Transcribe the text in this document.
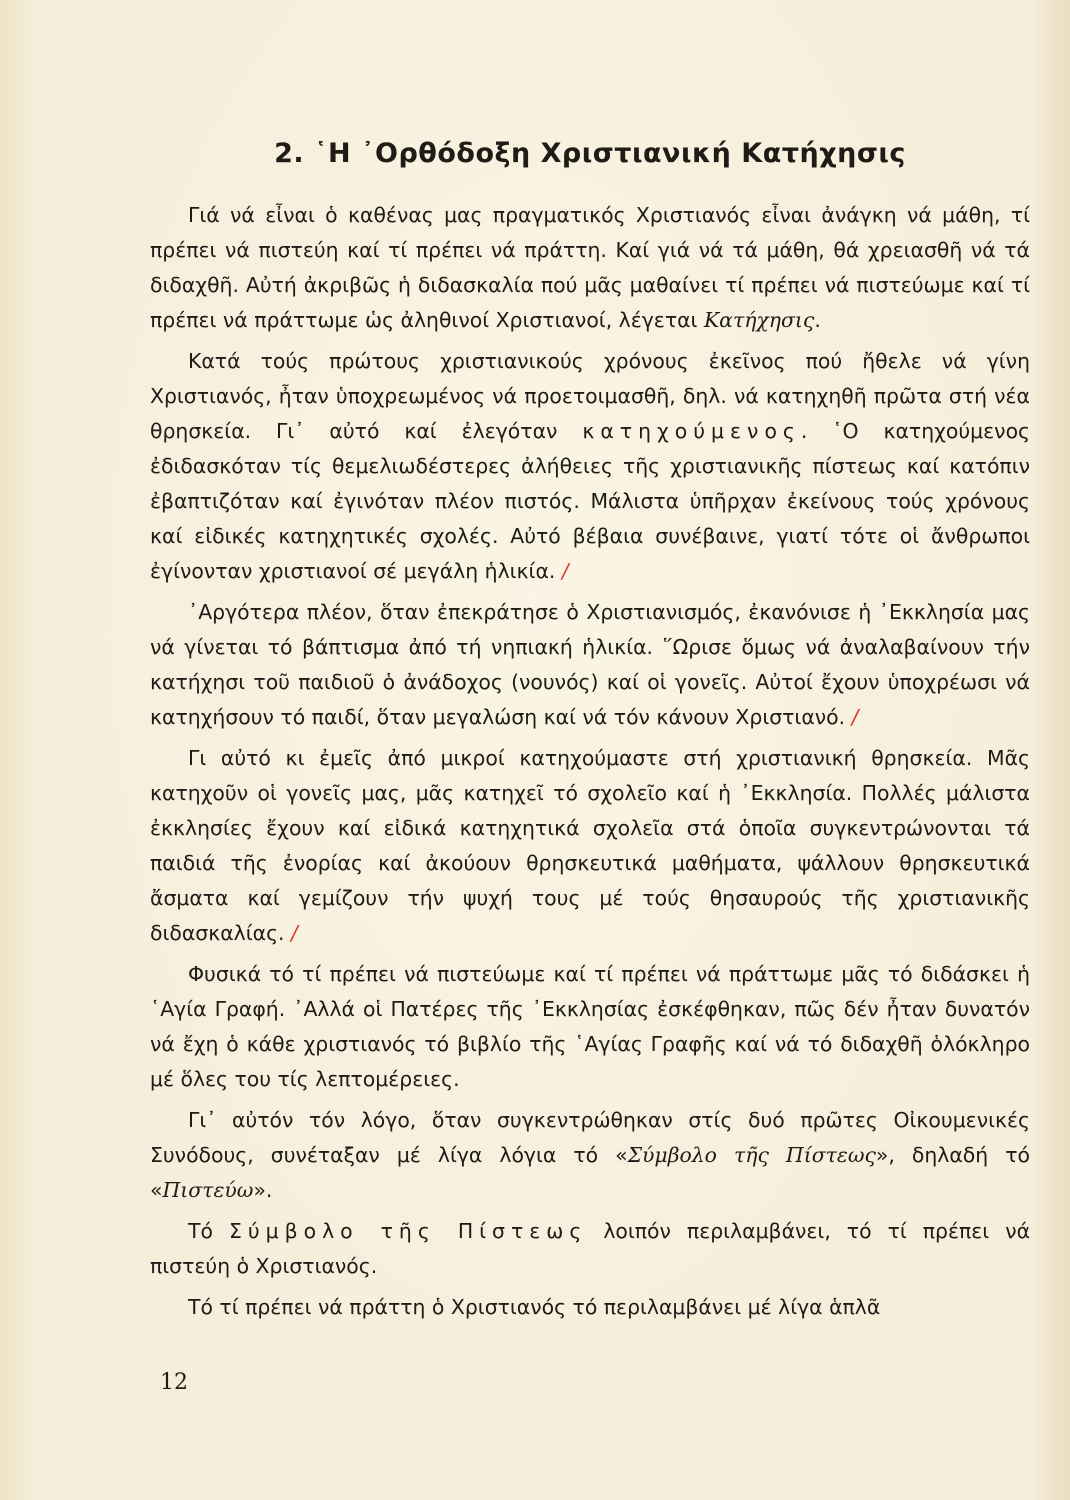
2. ῾Η ᾿Ορθόδοξη Χριστιανική Κατήχησις

Γιά νά εἶναι ὁ καθένας μας πραγματικός Χριστιανός εἶναι ἀνάγκη νά μάθη, τί πρέπει νά πιστεύη καί τί πρέπει νά πράττη. Καί γιά νά τά μάθη, θά χρειασθῆ νά τά διδαχθῆ. Αὐτή ἀκριβῶς ἡ διδασκαλία πού μᾶς μαθαίνει τί πρέπει νά πιστεύωμε καί τί πρέπει νά πράττωμε ὡς ἀληθινοί Χριστιανοί, λέγεται Κατήχησις.

Κατά τούς πρώτους χριστιανικούς χρόνους ἐκεῖνος πού ἤθελε νά γίνη Χριστιανός, ἦταν ὑποχρεωμένος νά προετοιμασθῆ, δηλ. νά κατηχηθῆ πρῶτα στή νέα θρησκεία. Γι᾿ αὐτό καί ἐλεγόταν κατηχούμενος. ῾Ο κατηχούμενος ἐδιδασκόταν τίς θεμελιωδέστερες ἀλήθειες τῆς χριστιανικῆς πίστεως καί κατόπιν ἐβαπτιζόταν καί ἐγινόταν πλέον πιστός. Μάλιστα ὑπῆρχαν ἐκείνους τούς χρόνους καί εἰδικές κατηχητικές σχολές. Αὐτό βέβαια συνέβαινε, γιατί τότε οἱ ἄνθρωποι ἐγίνονταν χριστιανοί σέ μεγάλη ἡλικία. /

᾿Αργότερα πλέον, ὅταν ἐπεκράτησε ὁ Χριστιανισμός, ἐκανόνισε ἡ ᾿Εκκλησία μας νά γίνεται τό βάπτισμα ἀπό τή νηπιακή ἡλικία. ῞Ωρισε ὅμως νά ἀναλαβαίνουν τήν κατήχησι τοῦ παιδιοῦ ὁ ἀνάδοχος (νουνός) καί οἱ γονεῖς. Αὐτοί ἔχουν ὑποχρέωσι νά κατηχήσουν τό παιδί, ὅταν μεγαλώση καί νά τόν κάνουν Χριστιανό. /

Γι αὐτό κι ἐμεῖς ἀπό μικροί κατηχούμαστε στή χριστιανική θρησκεία. Μᾶς κατηχοῦν οἱ γονεῖς μας, μᾶς κατηχεῖ τό σχολεῖο καί ἡ ᾿Εκκλησία. Πολλές μάλιστα ἐκκλησίες ἔχουν καί εἰδικά κατηχητικά σχολεῖα στά ὁποῖα συγκεντρώνονται τά παιδιά τῆς ἐνορίας καί ἀκούουν θρησκευτικά μαθήματα, ψάλλουν θρησκευτικά ἄσματα καί γεμίζουν τήν ψυχή τους μέ τούς θησαυρούς τῆς χριστιανικῆς διδασκαλίας. /

Φυσικά τό τί πρέπει νά πιστεύωμε καί τί πρέπει νά πράττωμε μᾶς τό διδάσκει ἡ ῾Αγία Γραφή. ᾿Αλλά οἱ Πατέρες τῆς ᾿Εκκλησίας ἐσκέφθηκαν, πῶς δέν ἦταν δυνατόν νά ἔχη ὁ κάθε χριστιανός τό βιβλίο τῆς ῾Αγίας Γραφῆς καί νά τό διδαχθῆ ὁλόκληρο μέ ὅλες του τίς λεπτομέρειες.

Γι᾿ αὐτόν τόν λόγο, ὅταν συγκεντρώθηκαν στίς δυό πρῶτες Οἰκουμενικές Συνόδους, συνέταξαν μέ λίγα λόγια τό «Σύμβολο τῆς Πίστεως», δηλαδή τό «Πιστεύω».

Τό Σύμβολο τῆς Πίστεως λοιπόν περιλαμβάνει, τό τί πρέπει νά πιστεύη ὁ Χριστιανός.

Τό τί πρέπει νά πράττη ὁ Χριστιανός τό περιλαμβάνει μέ λίγα ἁπλᾶ

12
